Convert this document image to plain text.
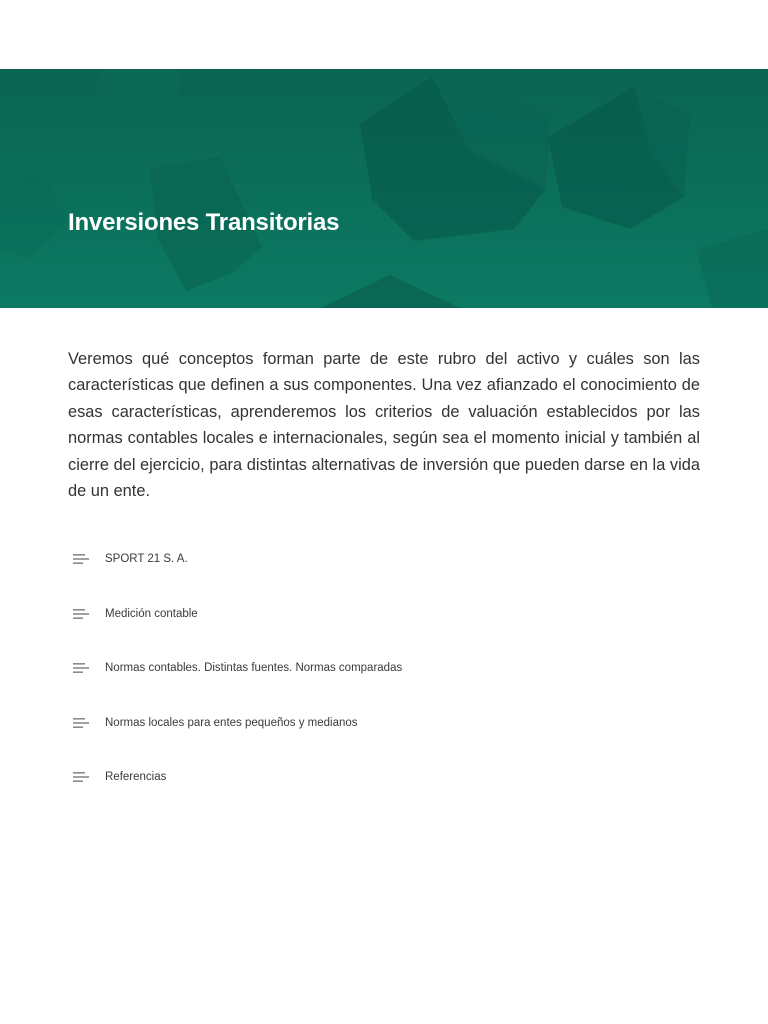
Inversiones Transitorias

Veremos qué conceptos forman parte de este rubro del activo y cuáles son las características que definen a sus componentes. Una vez afianzado el conocimiento de esas características, aprenderemos los criterios de valuación establecidos por las normas contables locales e internacionales, según sea el momento inicial y también al cierre del ejercicio, para distintas alternativas de inversión que pueden darse en la vida de un ente.

SPORT 21 S. A.
Medición contable
Normas contables. Distintas fuentes. Normas comparadas
Normas locales para entes pequeños y medianos
Referencias
